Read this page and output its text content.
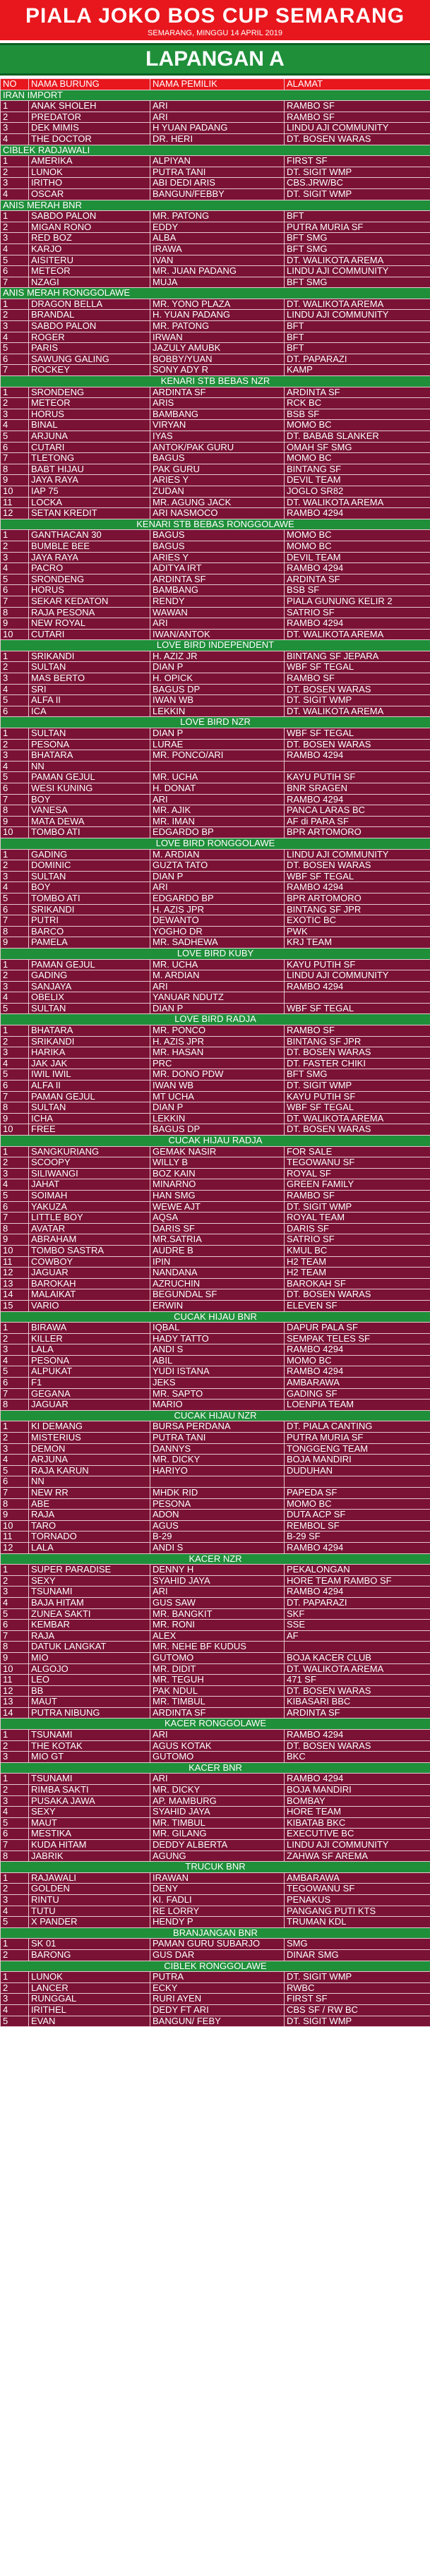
PIALA JOKO BOS CUP SEMARANG
SEMARANG, MINGGU 14 APRIL 2019
LAPANGAN A
NO	NAMA BURUNG	NAMA PEMILIK	ALAMAT
IRAN IMPORT			
1	ANAK SHOLEH	ARI	RAMBO SF
2	PREDATOR	ARI	RAMBO SF
3	DEK MIMIS	H YUAN PADANG	LINDU AJI COMMUNITY
4	THE DOCTOR	DR. HERI	DT. BOSEN WARAS
CIBLEK RADJAWALI			
1	AMERIKA	ALPIYAN	FIRST SF
2	LUNOK	PUTRA TANI	DT. SIGIT WMP
3	IRITHO	ABI DEDI ARIS	CBS.JRW/BC
4	OSCAR	BANGUN/FEBBY	DT. SIGIT WMP
ANIS MERAH BNR			
1	SABDO PALON	MR. PATONG	BFT
2	MIGAN RONO	EDDY	PUTRA MURIA SF
3	RED BOZ	ALBA	BFT SMG
4	KARJO	IRAWA	BFT SMG
5	AISITERU	IVAN	DT. WALIKOTA AREMA
6	METEOR	MR. JUAN PADANG	LINDU AJI COMMUNITY
7	NZAGI	MUJA	BFT SMG
ANIS MERAH RONGGOLAWE			
1	DRAGON BELLA	MR. YONO PLAZA	DT. WALIKOTA AREMA
2	BRANDAL	H. YUAN PADANG	LINDU AJI COMMUNITY
3	SABDO PALON	MR. PATONG	BFT
4	ROGER	IRWAN	BFT
5	PARIS	JAZULY AMUBK	BFT
6	SAWUNG GALING	BOBBY/YUAN	DT. PAPARAZI
7	ROCKEY	SONY ADY R	KAMP
KENARI STB BEBAS NZR			
1	SRONDENG	ARDINTA SF	ARDINTA SF
2	METEOR	ARIS	RCK BC
3	HORUS	BAMBANG	BSB SF
4	BINAL	VIRYAN	MOMO BC
5	ARJUNA	IYAS	DT. BABAB SLANKER
6	CUTARI	ANTOK/PAK GURU	OMAH SF SMG
7	TLETONG	BAGUS	MOMO BC
8	BABT HIJAU	PAK GURU	BINTANG SF
9	JAYA RAYA	ARIES Y	DEVIL TEAM
10	IAP 75	ZUDAN	JOGLO SR82
11	LOCKA	MR. AGUNG JACK	DT. WALIKOTA AREMA
12	SETAN KREDIT	ARI NASMOCO	RAMBO 4294
KENARI STB BEBAS RONGGOLAWE			
1	GANTHACAN 30	BAGUS	MOMO BC
2	BUMBLE BEE	BAGUS	MOMO BC
3	JAYA RAYA	ARIES Y	DEVIL TEAM
4	PACRO	ADITYA IRT	RAMBO 4294
5	SRONDENG	ARDINTA SF	ARDINTA SF
6	HORUS	BAMBANG	BSB SF
7	SEKAR KEDATON	RENDY	PIALA GUNUNG KELIR 2
8	RAJA PESONA	WAWAN	SATRIO SF
9	NEW ROYAL	ARI	RAMBO 4294
10	CUTARI	IWAN/ANTOK	DT. WALIKOTA AREMA
LOVE BIRD INDEPENDENT			
1	SRIKANDI	H. AZIZ JR	BINTANG SF JEPARA
2	SULTAN	DIAN P	WBF SF TEGAL
3	MAS BERTO	H. OPICK	RAMBO SF
4	SRI	BAGUS DP	DT. BOSEN WARAS
5	ALFA II	IWAN WB	DT. SIGIT WMP
6	ICA	LEKKIN	DT. WALIKOTA AREMA
LOVE BIRD NZR			
1	SULTAN	DIAN P	WBF SF TEGAL
2	PESONA	LURAE	DT. BOSEN WARAS
3	BHATARA	MR. PONCO/ARI	RAMBO 4294
4	NN		
5	PAMAN GEJUL	MR. UCHA	KAYU PUTIH SF
6	WESI KUNING	H. DONAT	BNR SRAGEN
7	BOY	ARI	RAMBO 4294
8	VANESA	MR. AJIK	PANCA LARAS BC
9	MATA DEWA	MR. IMAN	AF di PARA SF
10	TOMBO ATI	EDGARDO BP	BPR ARTOMORO
LOVE BIRD RONGGOLAWE			
1	GADING	M. ARDIAN	LINDU AJI COMMUNITY
2	DOMINIC	GUZTA TATO	DT. BOSEN WARAS
3	SULTAN	DIAN P	WBF SF TEGAL
4	BOY	ARI	RAMBO 4294
5	TOMBO ATI	EDGARDO BP	BPR ARTOMORO
6	SRIKANDI	H. AZIS JPR	BINTANG SF JPR
7	PUTRI	DEWANTO	EXOTIC BC
8	BARCO	YOGHO DR	PWK
9	PAMELA	MR. SADHEWA	KRJ TEAM
LOVE BIRD KUBY			
1	PAMAN GEJUL	MR. UCHA	KAYU PUTIH SF
2	GADING	M. ARDIAN	LINDU AJI COMMUNITY
3	SANJAYA	ARI	RAMBO 4294
4	OBELIX	YANUAR NDUTZ	
5	SULTAN	DIAN P	WBF SF TEGAL
LOVE BIRD RADJA			
1	BHATARA	MR. PONCO	RAMBO SF
2	SRIKANDI	H. AZIS JPR	BINTANG SF JPR
3	HARIKA	MR. HASAN	DT. BOSEN WARAS
4	JAK JAK	PRC	DT. FASTER CHIKI
5	IWIL IWIL	MR. DONO PDW	BFT SMG
6	ALFA II	IWAN WB	DT. SIGIT WMP
7	PAMAN GEJUL	MT UCHA	KAYU PUTIH SF
8	SULTAN	DIAN P	WBF SF TEGAL
9	ICHA	LEKKIN	DT. WALIKOTA AREMA
10	FREE	BAGUS DP	DT. BOSEN WARAS
CUCAK HIJAU RADJA			
1	SANGKURIANG	GEMAK NASIR	FOR SALE
2	SCOOPY	WILLY B	TEGOWANU SF
3	SILIWANGI	BOZ KAIN	ROYAL SF
4	JAHAT	MINARNO	GREEN FAMILY
5	SOIMAH	HAN SMG	RAMBO SF
6	YAKUZA	WEWE AJT	DT. SIGIT WMP
7	LITTLE BOY	AQSA	ROYAL TEAM
8	AVATAR	DARIS SF	DARIS SF
9	ABRAHAM	MR.SATRIA	SATRIO SF
10	TOMBO SASTRA	AUDRE B	KMUL BC
11	COWBOY	IPIN	H2 TEAM
12	JAGUAR	NANDANA	H2 TEAM
13	BAROKAH	AZRUCHIN	BAROKAH SF
14	MALAIKAT	BEGUNDAL SF	DT. BOSEN WARAS
15	VARIO	ERWIN	ELEVEN SF
CUCAK HIJAU BNR			
1	BIRAWA	IQBAL	DAPUR PALA SF
2	KILLER	HADY TATTO	SEMPAK TELES SF
3	LALA	ANDI S	RAMBO 4294
4	PESONA	ABIL	MOMO BC
5	ALPUKAT	YUDI ISTANA	RAMBO 4294
6	F1	JEKS	AMBARAWA
7	GEGANA	MR. SAPTO	GADING SF
8	JAGUAR	MARIO	LOENPIA TEAM
CUCAK HIJAU NZR			
1	KI DEMANG	BURSA PERDANA	DT. PIALA CANTING
2	MISTERIUS	PUTRA TANI	PUTRA MURIA SF
3	DEMON	DANNYS	TONGGENG TEAM
4	ARJUNA	MR. DICKY	BOJA MANDIRI
5	RAJA KARUN	HARIYO	DUDUHAN
6	NN		
7	NEW RR	MHDK RID	PAPEDA SF
8	ABE	PESONA	MOMO BC
9	RAJA	ADON	DUTA ACP SF
10	TARO	AGUS	REMBOL SF
11	TORNADO	B-29	B-29 SF
12	LALA	ANDI S	RAMBO 4294
KACER NZR			
1	SUPER PARADISE	DENNY H	PEKALONGAN
2	SEXY	SYAHID JAYA	HORE TEAM RAMBO SF
3	TSUNAMI	ARI	RAMBO 4294
4	BAJA HITAM	GUS SAW	DT. PAPARAZI
5	ZUNEA SAKTI	MR. BANGKIT	SKF
6	KEMBAR	MR. RONI	SSE
7	RAJA	ALEX	AF
8	DATUK LANGKAT	MR. NEHE BF KUDUS	
9	MIO	GUTOMO	BOJA KACER CLUB
10	ALGOJO	MR. DIDIT	DT. WALIKOTA AREMA
11	LEO	MR. TEGUH	471 SF
12	BB	PAK NDUL	DT. BOSEN WARAS
13	MAUT	MR. TIMBUL	KIBASARI BBC
14	PUTRA NIBUNG	ARDINTA SF	ARDINTA SF
KACER RONGGOLAWE			
1	TSUNAMI	ARI	RAMBO 4294
2	THE KOTAK	AGUS KOTAK	DT. BOSEN WARAS
3	MIO GT	GUTOMO	BKC
KACER BNR			
1	TSUNAMI	ARI	RAMBO 4294
2	RIMBA SAKTI	MR. DICKY	BOJA MANDIRI
3	PUSAKA JAWA	AP. MAMBURG	BOMBAY
4	SEXY	SYAHID JAYA	HORE TEAM
5	MAUT	MR. TIMBUL	KIBATAB BKC
6	MESTIKA	MR. GILANG	EXECUTIVE BC
7	KUDA HITAM	DEDDY ALBERTA	LINDU AJI COMMUNITY
8	JABRIK	AGUNG	ZAHWA SF AREMA
TRUCUK BNR			
1	RAJAWALI	IRAWAN	AMBARAWA
2	GOLDEN	DENY	TEGOWANU SF
3	RINTU	KI. FADLI	PENAKUS
4	TUTU	RE LORRY	PANGANG PUTI KTS
5	X PANDER	HENDY P	TRUMAN KDL
BRANJANGAN BNR			
1	SK 01	PAMAN GURU SUBARJO	SMG
2	BARONG	GUS DAR	DINAR SMG
CIBLEK RONGGOLAWE			
1	LUNOK	PUTRA	DT. SIGIT WMP
2	LANCER	ECKY	RWBC
3	RUNGGAL	RURI AYEN	FIRST SF
4	IRITHEL	DEDY FT ARI	CBS SF / RW BC
5	EVAN	BANGUN/ FEBY	DT. SIGIT WMP
